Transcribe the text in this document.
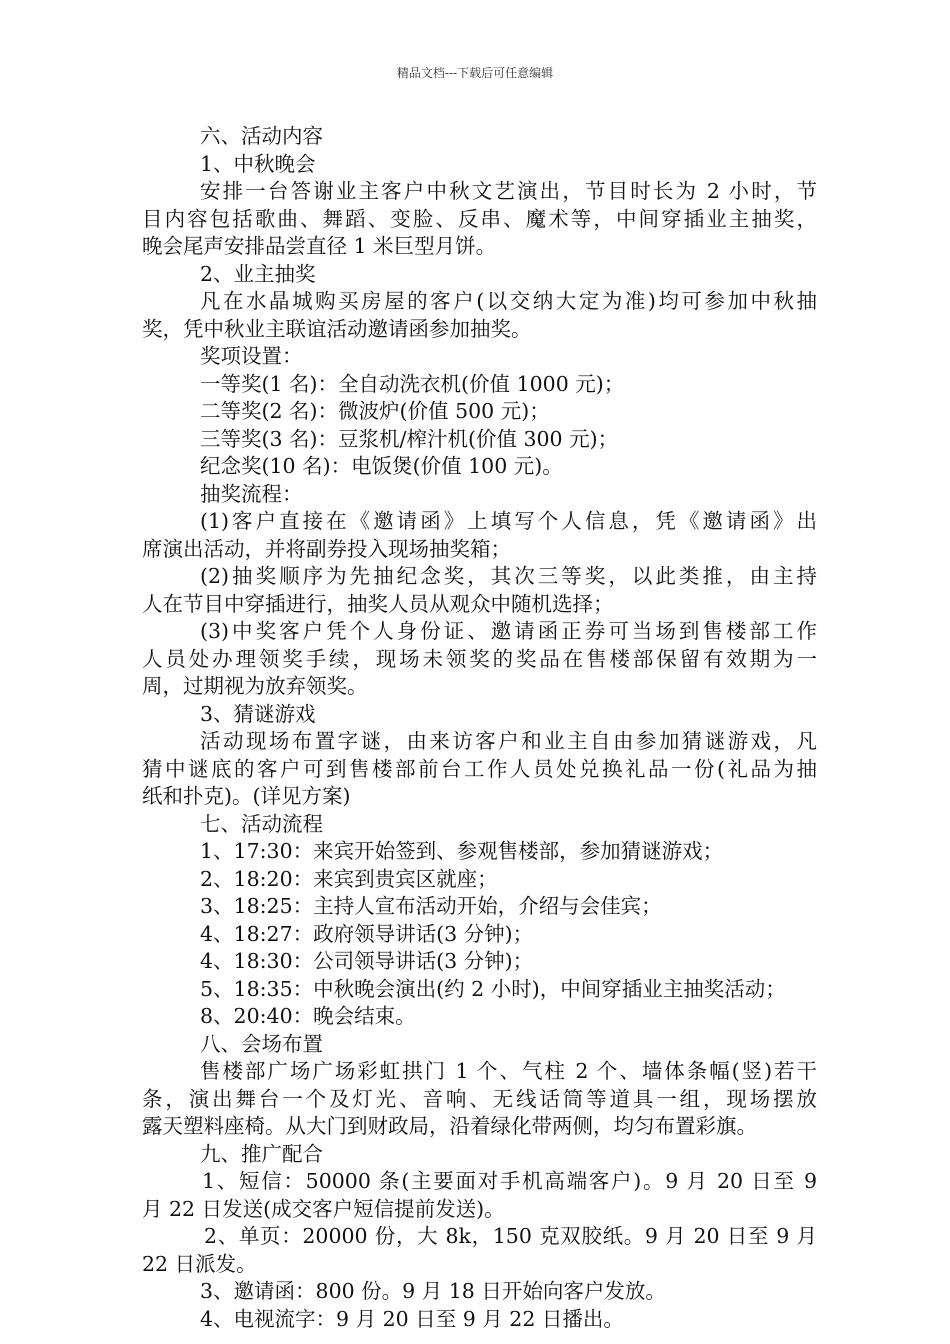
精品文档---下载后可任意编辑
六、活动内容
1、中秋晚会
安排一台答谢业主客户中秋文艺演出，节目时长为 2 小时，节
目内容包括歌曲、舞蹈、变脸、反串、魔术等，中间穿插业主抽奖，
晚会尾声安排品尝直径 1 米巨型月饼。
2、业主抽奖
凡在水晶城购买房屋的客户(以交纳大定为准)均可参加中秋抽
奖，凭中秋业主联谊活动邀请函参加抽奖。
奖项设置：
一等奖(1 名)：全自动洗衣机(价值 1000 元)；
二等奖(2 名)：微波炉(价值 500 元)；
三等奖(3 名)：豆浆机/榨汁机(价值 300 元)；
纪念奖(10 名)：电饭煲(价值 100 元)。
抽奖流程：
(1)客户直接在《邀请函》上填写个人信息，凭《邀请函》出
席演出活动，并将副券投入现场抽奖箱；
(2)抽奖顺序为先抽纪念奖，其次三等奖，以此类推，由主持
人在节目中穿插进行，抽奖人员从观众中随机选择；
(3)中奖客户凭个人身份证、邀请函正券可当场到售楼部工作
人员处办理领奖手续，现场未领奖的奖品在售楼部保留有效期为一
周，过期视为放弃领奖。
3、猜谜游戏
活动现场布置字谜，由来访客户和业主自由参加猜谜游戏，凡
猜中谜底的客户可到售楼部前台工作人员处兑换礼品一份(礼品为抽
纸和扑克)。(详见方案)
七、活动流程
1、17:30：来宾开始签到、参观售楼部，参加猜谜游戏；
2、18:20：来宾到贵宾区就座；
3、18:25：主持人宣布活动开始，介绍与会佳宾；
4、18:27：政府领导讲话(3 分钟)；
4、18:30：公司领导讲话(3 分钟)；
5、18:35：中秋晚会演出(约 2 小时)，中间穿插业主抽奖活动；
8、20:40：晚会结束。
八、会场布置
售楼部广场广场彩虹拱门 1 个、气柱 2 个、墙体条幅(竖)若干
条，演出舞台一个及灯光、音响、无线话筒等道具一组，现场摆放
露天塑料座椅。从大门到财政局，沿着绿化带两侧，均匀布置彩旗。
九、推广配合
1、短信：50000 条(主要面对手机高端客户)。9 月 20 日至 9
月 22 日发送(成交客户短信提前发送)。
2、单页：20000 份，大 8k，150 克双胶纸。9 月 20 日至 9 月
22 日派发。
3、邀请函：800 份。9 月 18 日开始向客户发放。
4、电视流字：9 月 20 日至 9 月 22 日播出。
